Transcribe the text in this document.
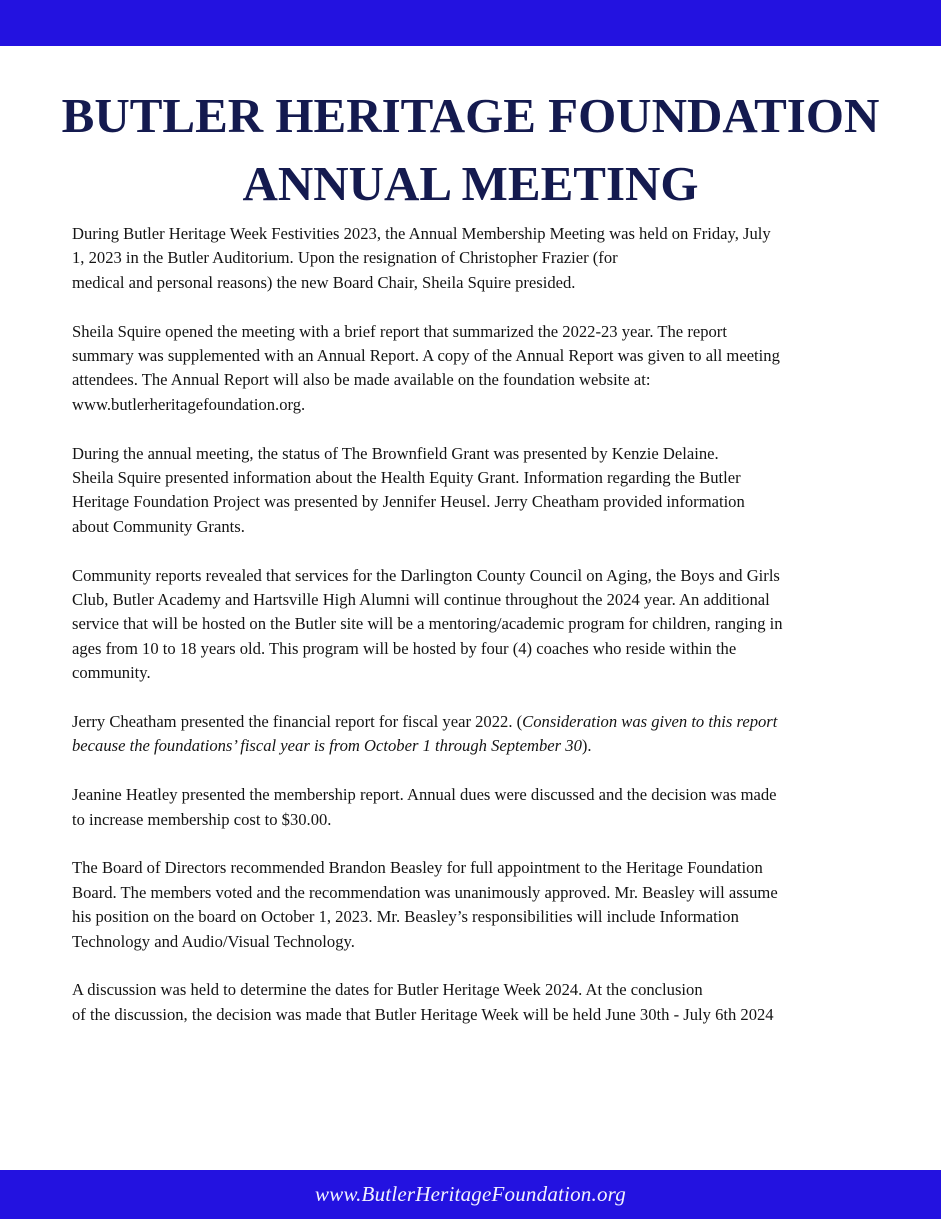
BUTLER HERITAGE FOUNDATION
ANNUAL MEETING

During Butler Heritage Week Festivities 2023, the Annual Membership Meeting was held on Friday, July
1, 2023 in the Butler Auditorium. Upon the resignation of Christopher Frazier (for
medical and personal reasons) the new Board Chair, Sheila Squire presided.

Sheila Squire opened the meeting with a brief report that summarized the 2022-23 year. The report
summary was supplemented with an Annual Report. A copy of the Annual Report was given to all meeting
attendees. The Annual Report will also be made available on the foundation website at:
www.butlerheritagefoundation.org.

During the annual meeting, the status of The Brownfield Grant was presented by Kenzie Delaine.
Sheila Squire presented information about the Health Equity Grant. Information regarding the Butler
Heritage Foundation Project was presented by Jennifer Heusel. Jerry Cheatham provided information
about Community Grants.

Community reports revealed that services for the Darlington County Council on Aging, the Boys and Girls
Club, Butler Academy and Hartsville High Alumni will continue throughout the 2024 year. An additional
service that will be hosted on the Butler site will be a mentoring/academic program for children, ranging in
ages from 10 to 18 years old. This program will be hosted by four (4) coaches who reside within the
community.

Jerry Cheatham presented the financial report for fiscal year 2022. (Consideration was given to this report
because the foundations’ fiscal year is from October 1 through September 30).

Jeanine Heatley presented the membership report. Annual dues were discussed and the decision was made
to increase membership cost to $30.00.

The Board of Directors recommended Brandon Beasley for full appointment to the Heritage Foundation
Board. The members voted and the recommendation was unanimously approved. Mr. Beasley will assume
his position on the board on October 1, 2023. Mr. Beasley’s responsibilities will include Information
Technology and Audio/Visual Technology.

A discussion was held to determine the dates for Butler Heritage Week 2024. At the conclusion
of the discussion, the decision was made that Butler Heritage Week will be held June 30th - July 6th 2024

www.ButlerHeritageFoundation.org
